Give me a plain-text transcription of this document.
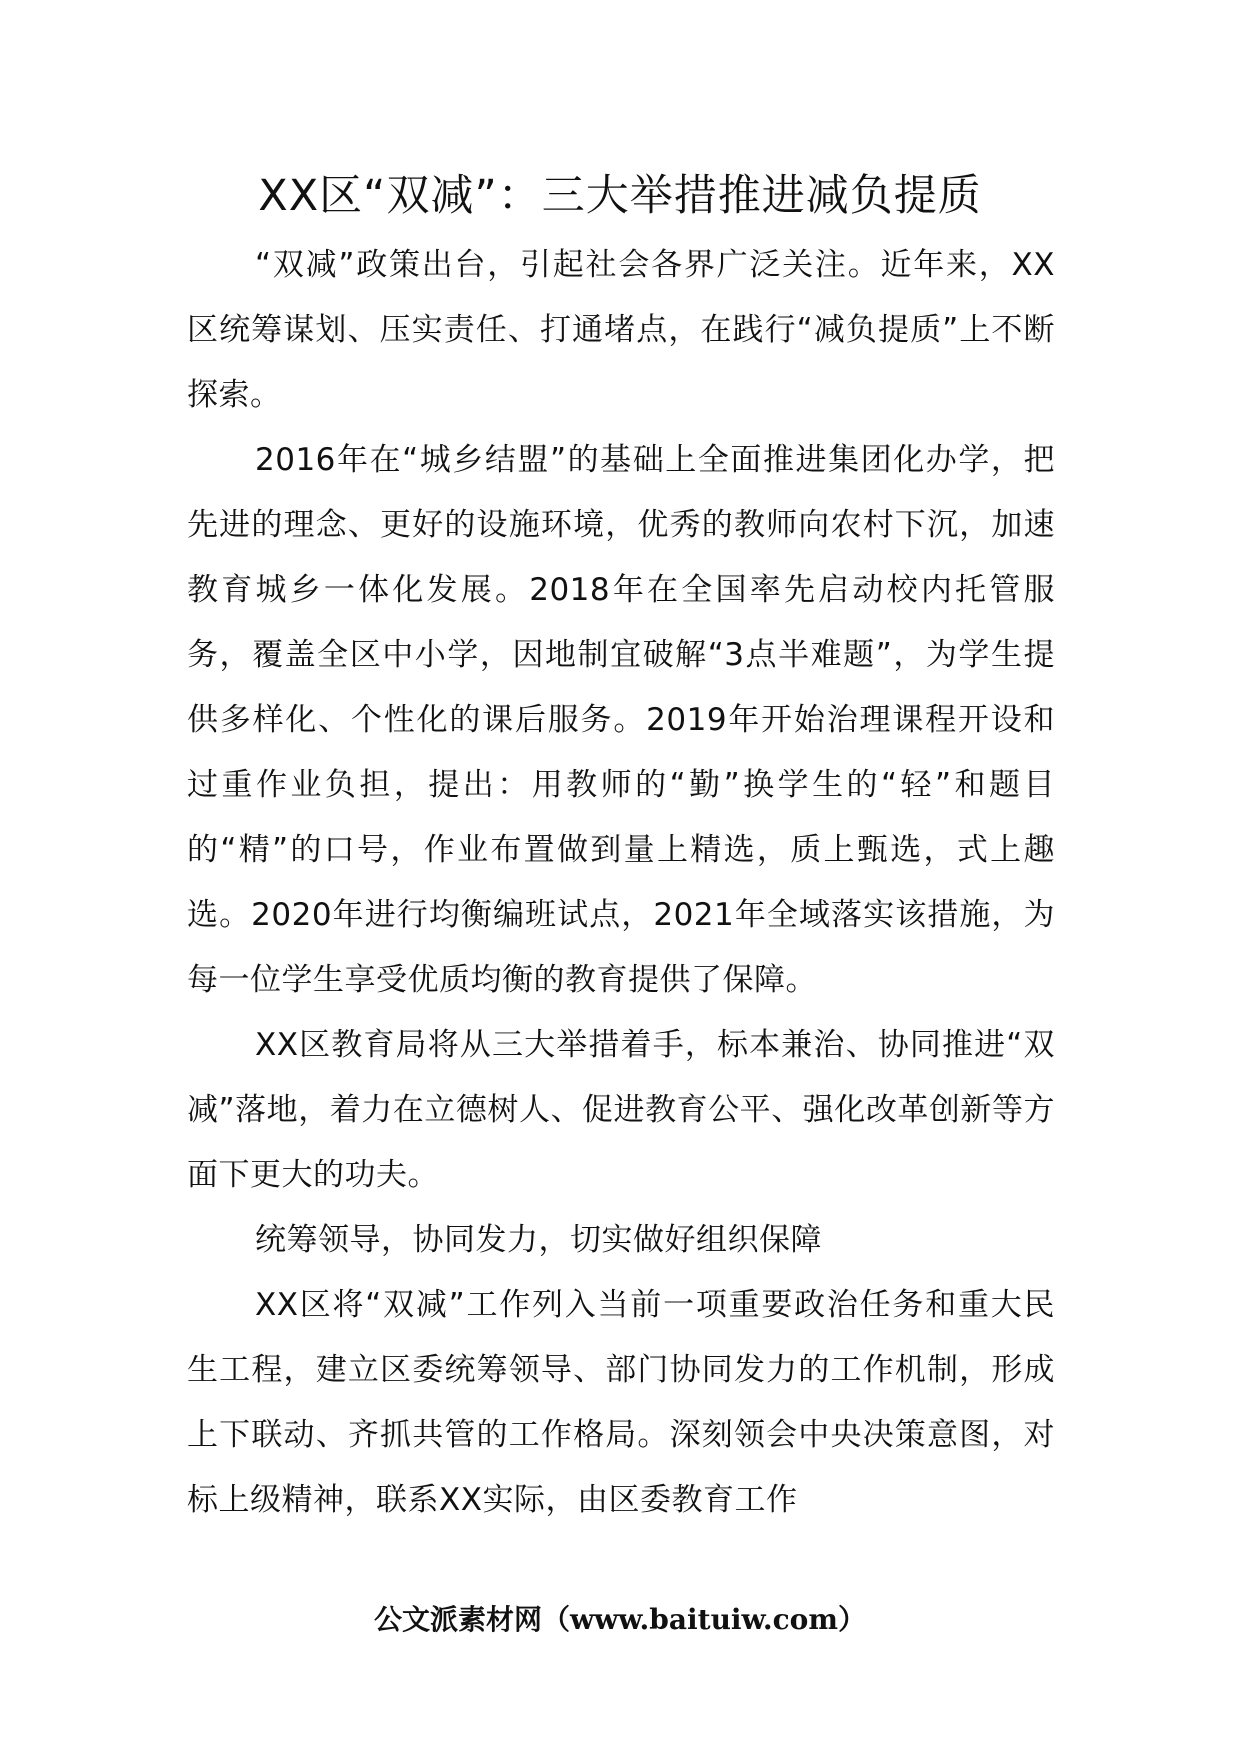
XX区“双减”：三大举措推进减负提质

“双减”政策出台，引起社会各界广泛关注。近年来，XX区统筹谋划、压实责任、打通堵点，在践行“减负提质”上不断探索。

2016年在“城乡结盟”的基础上全面推进集团化办学，把先进的理念、更好的设施环境，优秀的教师向农村下沉，加速教育城乡一体化发展。2018年在全国率先启动校内托管服务，覆盖全区中小学，因地制宜破解“3点半难题”，为学生提供多样化、个性化的课后服务。2019年开始治理课程开设和过重作业负担，提出：用教师的“勤”换学生的“轻”和题目的“精”的口号，作业布置做到量上精选，质上甄选，式上趣选。2020年进行均衡编班试点，2021年全域落实该措施，为每一位学生享受优质均衡的教育提供了保障。

XX区教育局将从三大举措着手，标本兼治、协同推进“双减”落地，着力在立德树人、促进教育公平、强化改革创新等方面下更大的功夫。

统筹领导，协同发力，切实做好组织保障

XX区将“双减”工作列入当前一项重要政治任务和重大民生工程，建立区委统筹领导、部门协同发力的工作机制，形成上下联动、齐抓共管的工作格局。深刻领会中央决策意图，对标上级精神，联系XX实际，由区委教育工作

公文派素材网（www.baituiw.com）
